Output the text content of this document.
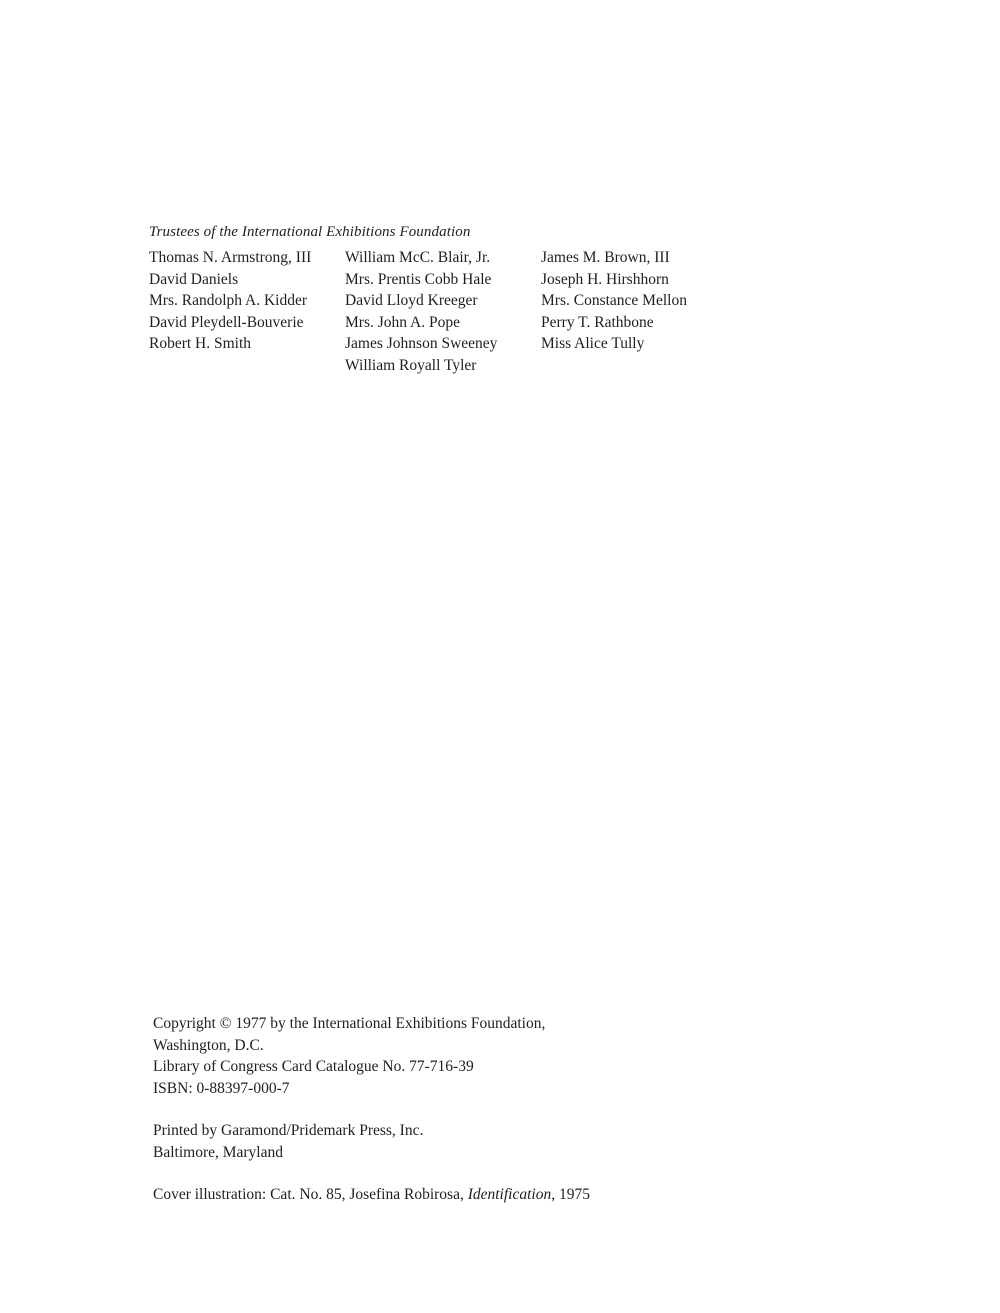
Trustees of the International Exhibitions Foundation
Thomas N. Armstrong, III
David Daniels
Mrs. Randolph A. Kidder
David Pleydell-Bouverie
Robert H. Smith
William McC. Blair, Jr.
Mrs. Prentis Cobb Hale
David Lloyd Kreeger
Mrs. John A. Pope
James Johnson Sweeney
William Royall Tyler
James M. Brown, III
Joseph H. Hirshhorn
Mrs. Constance Mellon
Perry T. Rathbone
Miss Alice Tully
Copyright © 1977 by the International Exhibitions Foundation,
Washington, D.C.
Library of Congress Card Catalogue No. 77-716-39
ISBN: 0-88397-000-7
Printed by Garamond/Pridemark Press, Inc.
Baltimore, Maryland
Cover illustration: Cat. No. 85, Josefina Robirosa, Identification, 1975
